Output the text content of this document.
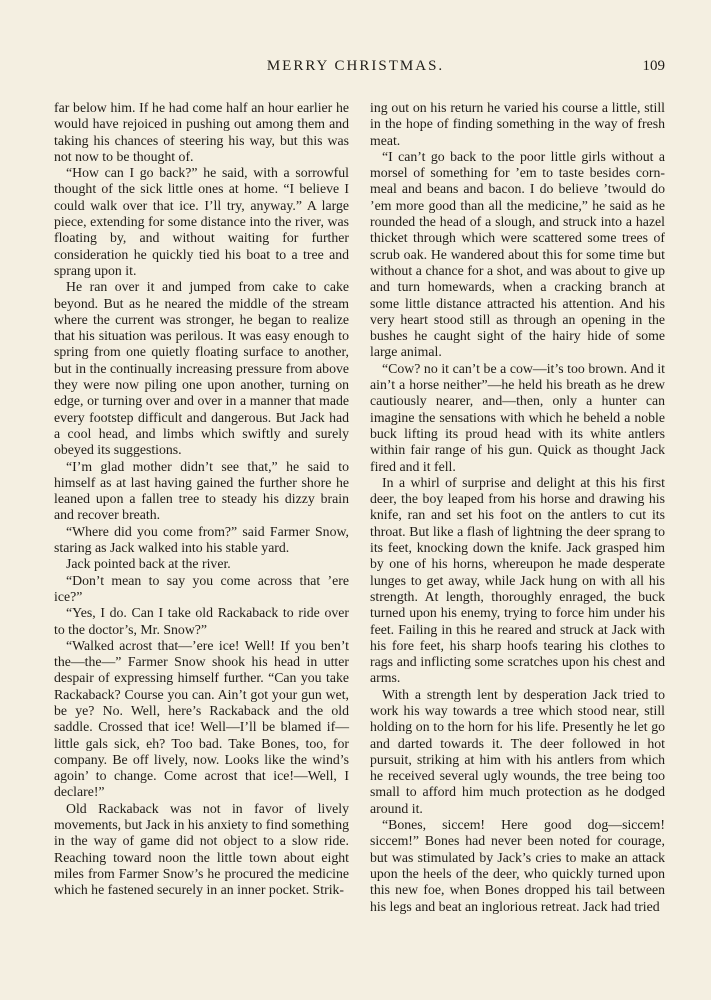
MERRY CHRISTMAS.	109

far below him. If he had come half an hour earlier he would have rejoiced in pushing out among them and taking his chances of steering his way, but this was not now to be thought of.

“How can I go back?” he said, with a sorrowful thought of the sick little ones at home. “I believe I could walk over that ice. I’ll try, anyway.” A large piece, extending for some distance into the river, was floating by, and without waiting for further consideration he quickly tied his boat to a tree and sprang upon it.

He ran over it and jumped from cake to cake beyond. But as he neared the middle of the stream where the current was stronger, he began to realize that his situation was perilous. It was easy enough to spring from one quietly floating surface to another, but in the continually increasing pressure from above they were now piling one upon another, turning on edge, or turning over and over in a manner that made every footstep difficult and dangerous. But Jack had a cool head, and limbs which swiftly and surely obeyed its suggestions.

“I’m glad mother didn’t see that,” he said to himself as at last having gained the further shore he leaned upon a fallen tree to steady his dizzy brain and recover breath.

“Where did you come from?” said Farmer Snow, staring as Jack walked into his stable yard.

Jack pointed back at the river.

“Don’t mean to say you come across that ’ere ice?”

“Yes, I do. Can I take old Rackaback to ride over to the doctor’s, Mr. Snow?”

“Walked acrost that—’ere ice! Well! If you ben’t the—the—” Farmer Snow shook his head in utter despair of expressing himself further. “Can you take Rackaback? Course you can. Ain’t got your gun wet, be ye? No. Well, here’s Rackaback and the old saddle. Crossed that ice! Well—I’ll be blamed if—little gals sick, eh? Too bad. Take Bones, too, for company. Be off lively, now. Looks like the wind’s agoin’ to change. Come acrost that ice!—Well, I declare!”

Old Rackaback was not in favor of lively movements, but Jack in his anxiety to find something in the way of game did not object to a slow ride. Reaching toward noon the little town about eight miles from Farmer Snow’s he procured the medicine which he fastened securely in an inner pocket. Strik-

ing out on his return he varied his course a little, still in the hope of finding something in the way of fresh meat.

“I can’t go back to the poor little girls without a morsel of something for ’em to taste besides corn-meal and beans and bacon. I do believe ’twould do ’em more good than all the medicine,” he said as he rounded the head of a slough, and struck into a hazel thicket through which were scattered some trees of scrub oak. He wandered about this for some time but without a chance for a shot, and was about to give up and turn homewards, when a cracking branch at some little distance attracted his attention. And his very heart stood still as through an opening in the bushes he caught sight of the hairy hide of some large animal.

“Cow? no it can’t be a cow—it’s too brown. And it ain’t a horse neither”—he held his breath as he drew cautiously nearer, and—then, only a hunter can imagine the sensations with which he beheld a noble buck lifting its proud head with its white antlers within fair range of his gun. Quick as thought Jack fired and it fell.

In a whirl of surprise and delight at this his first deer, the boy leaped from his horse and drawing his knife, ran and set his foot on the antlers to cut its throat. But like a flash of lightning the deer sprang to its feet, knocking down the knife. Jack grasped him by one of his horns, whereupon he made desperate lunges to get away, while Jack hung on with all his strength. At length, thoroughly enraged, the buck turned upon his enemy, trying to force him under his feet. Failing in this he reared and struck at Jack with his fore feet, his sharp hoofs tearing his clothes to rags and inflicting some scratches upon his chest and arms.

With a strength lent by desperation Jack tried to work his way towards a tree which stood near, still holding on to the horn for his life. Presently he let go and darted towards it. The deer followed in hot pursuit, striking at him with his antlers from which he received several ugly wounds, the tree being too small to afford him much protection as he dodged around it.

“Bones, siccem! Here good dog—siccem! siccem!” Bones had never been noted for courage, but was stimulated by Jack’s cries to make an attack upon the heels of the deer, who quickly turned upon this new foe, when Bones dropped his tail between his legs and beat an inglorious retreat. Jack had tried
